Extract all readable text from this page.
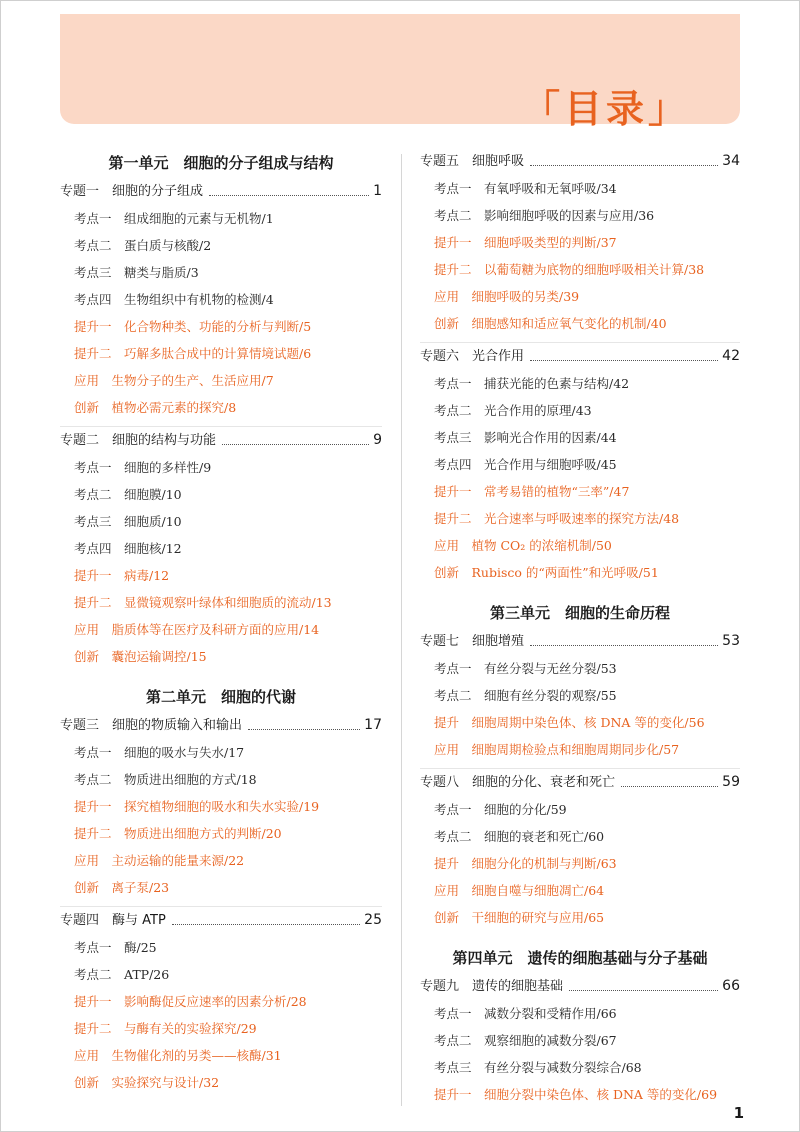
「目录」
第一单元　细胞的分子组成与结构
专题一　细胞的分子组成	1
考点一　组成细胞的元素与无机物/1
考点二　蛋白质与核酸/2
考点三　糖类与脂质/3
考点四　生物组织中有机物的检测/4
提升一　化合物种类、功能的分析与判断/5
提升二　巧解多肽合成中的计算情境试题/6
应用　生物分子的生产、生活应用/7
创新　植物必需元素的探究/8
专题二　细胞的结构与功能	9
考点一　细胞的多样性/9
考点二　细胞膜/10
考点三　细胞质/10
考点四　细胞核/12
提升一　病毒/12
提升二　显微镜观察叶绿体和细胞质的流动/13
应用　脂质体等在医疗及科研方面的应用/14
创新　囊泡运输调控/15
第二单元　细胞的代谢
专题三　细胞的物质输入和输出	17
考点一　细胞的吸水与失水/17
考点二　物质进出细胞的方式/18
提升一　探究植物细胞的吸水和失水实验/19
提升二　物质进出细胞方式的判断/20
应用　主动运输的能量来源/22
创新　离子泵/23
专题四　酶与 ATP	25
考点一　酶/25
考点二　ATP/26
提升一　影响酶促反应速率的因素分析/28
提升二　与酶有关的实验探究/29
应用　生物催化剂的另类——核酶/31
创新　实验探究与设计/32
专题五　细胞呼吸	34
考点一　有氧呼吸和无氧呼吸/34
考点二　影响细胞呼吸的因素与应用/36
提升一　细胞呼吸类型的判断/37
提升二　以葡萄糖为底物的细胞呼吸相关计算/38
应用　细胞呼吸的另类/39
创新　细胞感知和适应氧气变化的机制/40
专题六　光合作用	42
考点一　捕获光能的色素与结构/42
考点二　光合作用的原理/43
考点三　影响光合作用的因素/44
考点四　光合作用与细胞呼吸/45
提升一　常考易错的植物“三率”/47
提升二　光合速率与呼吸速率的探究方法/48
应用　植物 CO₂ 的浓缩机制/50
创新　Rubisco 的“两面性”和光呼吸/51
第三单元　细胞的生命历程
专题七　细胞增殖	53
考点一　有丝分裂与无丝分裂/53
考点二　细胞有丝分裂的观察/55
提升　细胞周期中染色体、核 DNA 等的变化/56
应用　细胞周期检验点和细胞周期同步化/57
专题八　细胞的分化、衰老和死亡	59
考点一　细胞的分化/59
考点二　细胞的衰老和死亡/60
提升　细胞分化的机制与判断/63
应用　细胞自噬与细胞凋亡/64
创新　干细胞的研究与应用/65
第四单元　遗传的细胞基础与分子基础
专题九　遗传的细胞基础	66
考点一　减数分裂和受精作用/66
考点二　观察细胞的减数分裂/67
考点三　有丝分裂与减数分裂综合/68
提升一　细胞分裂中染色体、核 DNA 等的变化/69
1
